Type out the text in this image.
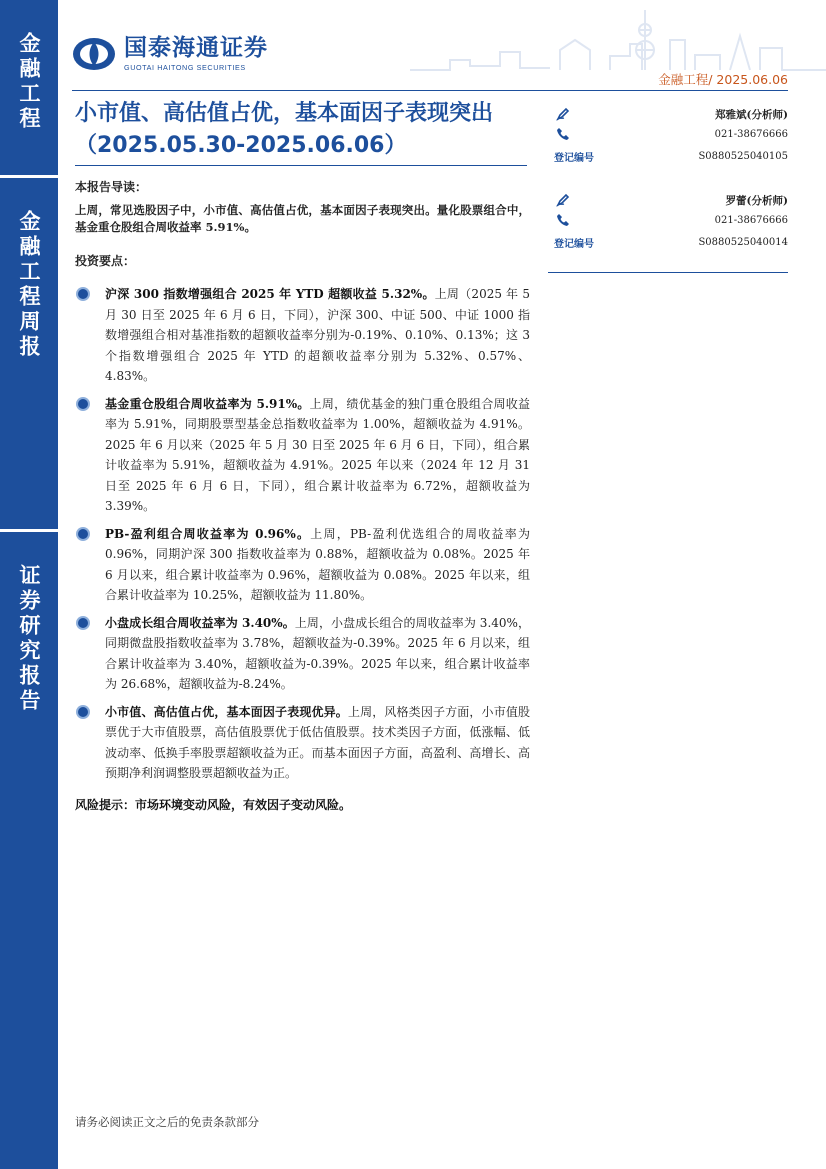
金融工程
金融工程周报
证券研究报告
国泰海通证券
GUOTAI HAITONG SECURITIES
金融工程/ 2025.06.06
小市值、高估值占优，基本面因子表现突出（2025.05.30-2025.06.06）
本报告导读：

上周，常见选股因子中，小市值、高估值占优，基本面因子表现突出。量化股票组合中，基金重仓股组合周收益率 5.91%。

投资要点：
沪深 300 指数增强组合 2025 年 YTD 超额收益 5.32%。上周（2025 年 5 月 30 日至 2025 年 6 月 6 日，下同），沪深 300、中证 500、中证 1000 指数增强组合相对基准指数的超额收益率分别为-0.19%、0.10%、0.13%；这 3 个指数增强组合 2025 年 YTD 的超额收益率分别为 5.32%、0.57%、4.83%。
基金重仓股组合周收益率为 5.91%。上周，绩优基金的独门重仓股组合周收益率为 5.91%，同期股票型基金总指数收益率为 1.00%，超额收益为 4.91%。2025 年 6 月以来（2025 年 5 月 30 日至 2025 年 6 月 6 日，下同），组合累计收益率为 5.91%，超额收益为 4.91%。2025 年以来（2024 年 12 月 31 日至 2025 年 6 月 6 日，下同），组合累计收益率为 6.72%，超额收益为 3.39%。
PB-盈利组合周收益率为 0.96%。上周，PB-盈利优选组合的周收益率为 0.96%，同期沪深 300 指数收益率为 0.88%，超额收益为 0.08%。2025 年 6 月以来，组合累计收益率为 0.96%，超额收益为 0.08%。2025 年以来，组合累计收益率为 10.25%，超额收益为 11.80%。
小盘成长组合周收益率为 3.40%。上周，小盘成长组合的周收益率为 3.40%，同期微盘股指数收益率为 3.78%，超额收益为-0.39%。2025 年 6 月以来，组合累计收益率为 3.40%，超额收益为-0.39%。2025 年以来，组合累计收益率为 26.68%，超额收益为-8.24%。
小市值、高估值占优，基本面因子表现优异。上周，风格类因子方面，小市值股票优于大市值股票，高估值股票优于低估值股票。技术类因子方面，低涨幅、低波动率、低换手率股票超额收益为正。而基本面因子方面，高盈利、高增长、高预期净利润调整股票超额收益为正。
风险提示：市场环境变动风险，有效因子变动风险。
郑雅斌(分析师)
021-38676666
登记编号	S0880525040105
罗蕾(分析师)
021-38676666
登记编号	S0880525040014
请务必阅读正文之后的免责条款部分
